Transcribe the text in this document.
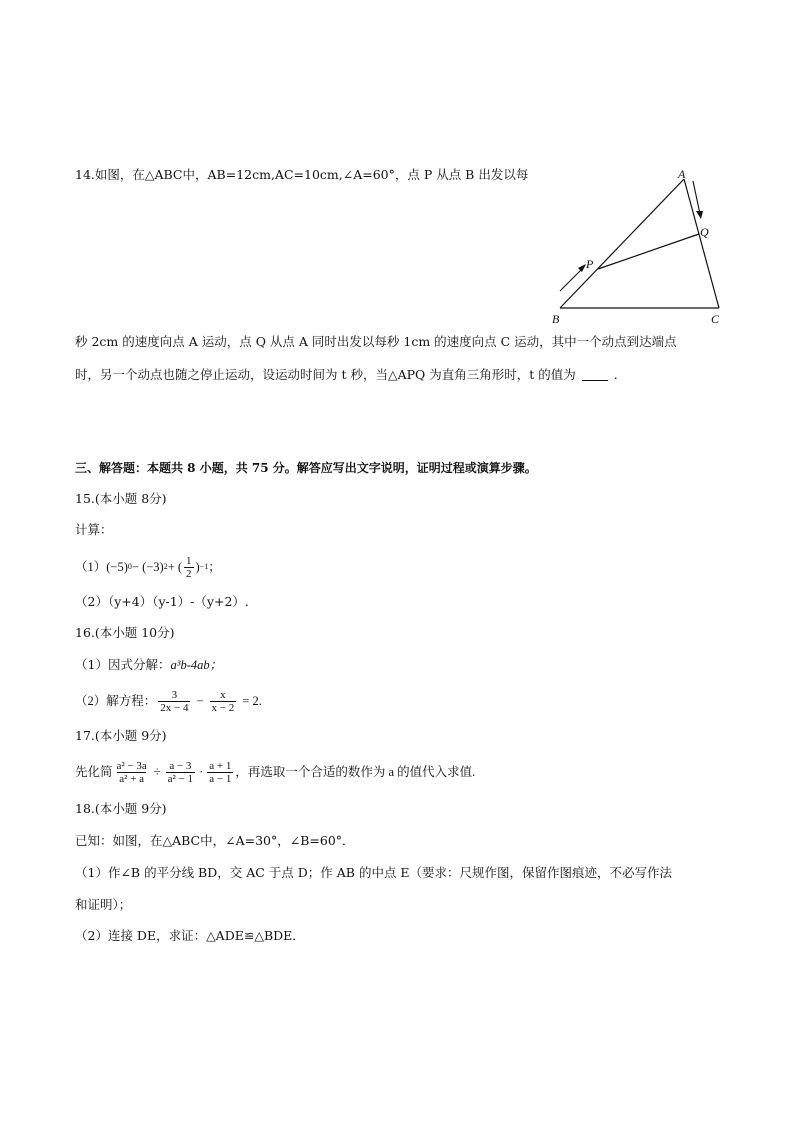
14.如图，在△ABC中，AB=12cm,AC=10cm,∠A=60°，点 P 从点 B 出发以每	A
Q
P
B	C
秒 2cm 的速度向点 A 运动，点 Q 从点 A 同时出发以每秒 1cm 的速度向点 C 运动，其中一个动点到达端点
时，另一个动点也随之停止运动，设运动时间为 t 秒，当△APQ 为直角三角形时，t 的值为	.
三、解答题：本题共 8 小题，共 75 分。解答应写出文字说明，证明过程或演算步骤。
15.(本小题 8分)
计算：
（1） (−5) 0 − (−3) 2 + ( $\frac{1}{2}$ ) −1 ；
（2）（y+4）（y-1）-（y+2）.
16.(本小题 10分)
（1）因式分解：a³b-4ab；
（2）解方程： $\frac{3}{2x - 4} - \frac{x}{x - 2} = 2$.
17.(本小题 9分)
先化简 $\frac{\text{a² − 3a}}{\text{a² + a}} \div \frac{a - 3}{\text{a² − 1}} \cdot \frac{a + 1}{a - 1}$ ，再选取一个合适的数作为 a 的值代入求值.
18.(本小题 9分)
已知：如图，在△ABC中，∠A=30°，∠B=60°．
（1）作∠B 的平分线 BD，交 AC 于点 D；作 AB 的中点 E（要求：尺规作图，保留作图痕迹，不必写作法
和证明）；
（2）连接 DE，求证：△ADE≌△BDE．
